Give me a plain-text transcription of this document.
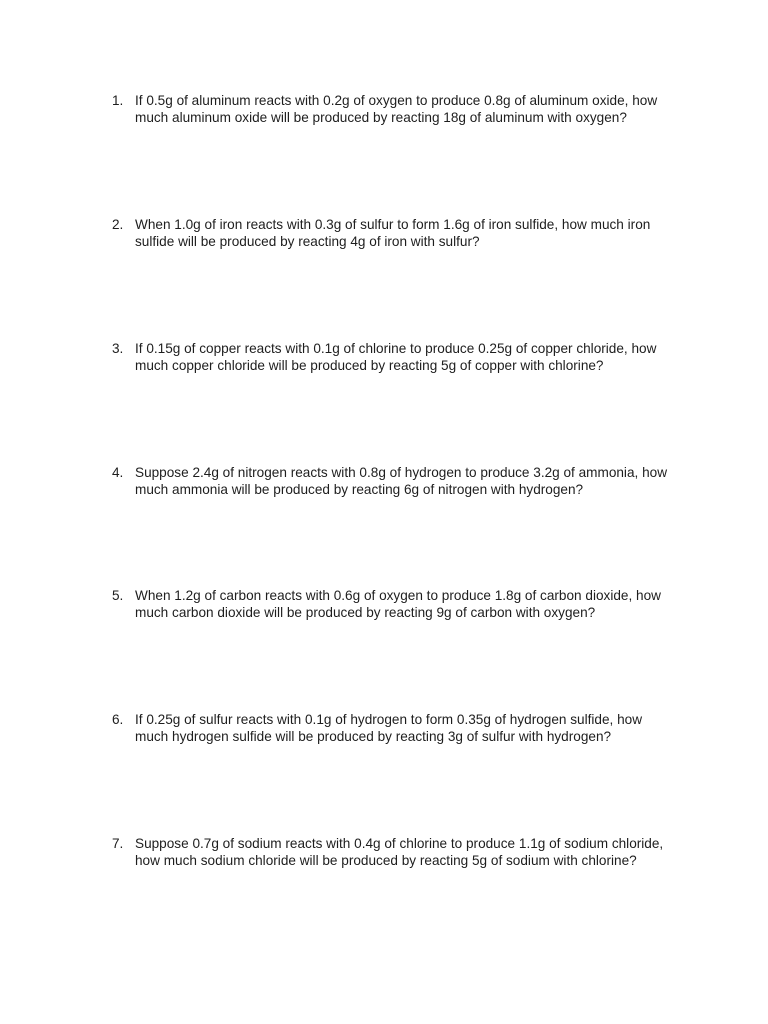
1. If 0.5g of aluminum reacts with 0.2g of oxygen to produce 0.8g of aluminum oxide, how
much aluminum oxide will be produced by reacting 18g of aluminum with oxygen?
2. When 1.0g of iron reacts with 0.3g of sulfur to form 1.6g of iron sulfide, how much iron
sulfide will be produced by reacting 4g of iron with sulfur?
3. If 0.15g of copper reacts with 0.1g of chlorine to produce 0.25g of copper chloride, how
much copper chloride will be produced by reacting 5g of copper with chlorine?
4. Suppose 2.4g of nitrogen reacts with 0.8g of hydrogen to produce 3.2g of ammonia, how
much ammonia will be produced by reacting 6g of nitrogen with hydrogen?
5. When 1.2g of carbon reacts with 0.6g of oxygen to produce 1.8g of carbon dioxide, how
much carbon dioxide will be produced by reacting 9g of carbon with oxygen?
6. If 0.25g of sulfur reacts with 0.1g of hydrogen to form 0.35g of hydrogen sulfide, how
much hydrogen sulfide will be produced by reacting 3g of sulfur with hydrogen?
7. Suppose 0.7g of sodium reacts with 0.4g of chlorine to produce 1.1g of sodium chloride,
how much sodium chloride will be produced by reacting 5g of sodium with chlorine?
